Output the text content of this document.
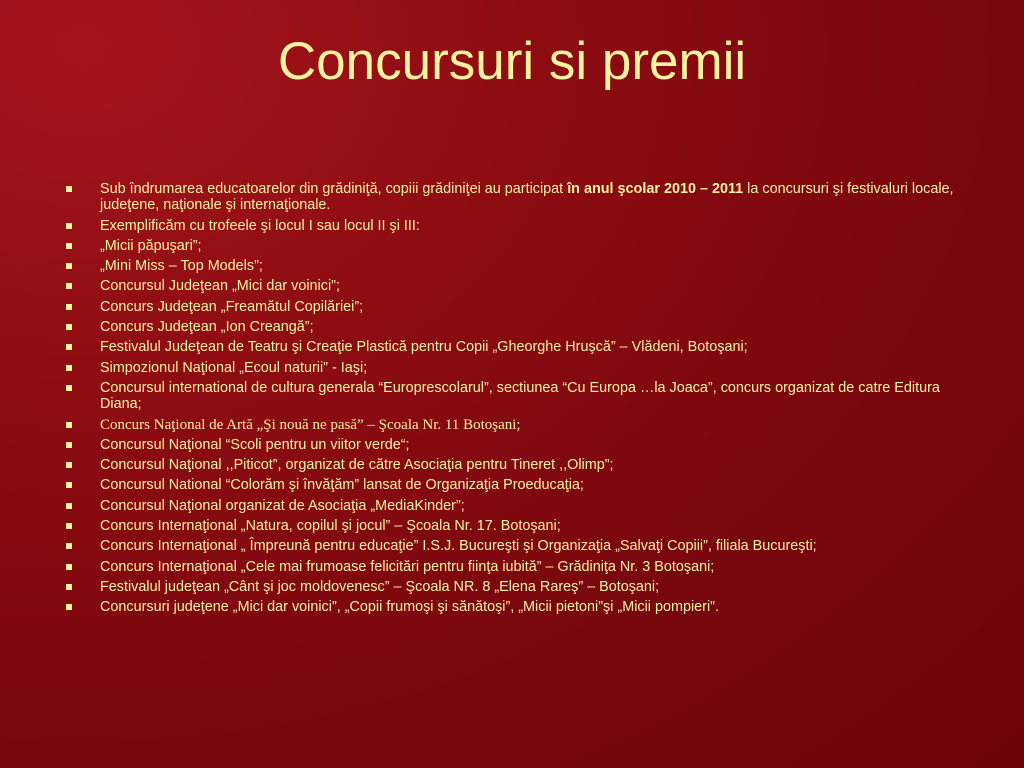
Concursuri si premii
Sub îndrumarea educatoarelor din grădiniţă, copiii grădiniţei au participat în anul şcolar 2010 – 2011 la concursuri şi festivaluri locale, judeţene, naţionale şi internaţionale.
Exemplificăm cu trofeele şi locul I sau locul II şi III:
„Micii păpuşari”;
„Mini Miss – Top Models”;
Concursul Judeţean „Mici dar voinici”;
Concurs Judeţean „Freamătul Copilăriei”;
Concurs Judeţean „Ion Creangă”;
Festivalul Judeţean de Teatru şi Creaţie Plastică pentru Copii „Gheorghe Hruşcă” – Vlădeni, Botoşani;
Simpozionul Naţional „Ecoul naturii” - Iaşi;
Concursul international de cultura generala “Europrescolarul”, sectiunea “Cu Europa …la Joaca”, concurs organizat de catre Editura Diana;
Concurs Naţional de Artă „Şi nouă ne pasă” – Şcoala Nr. 11 Botoşani;
Concursul Naţional “Scoli pentru un viitor verde“;
Concursul Naţional ,,Piticot”, organizat de către Asociaţia pentru Tineret ,,Olimp”;
Concursul National “Colorăm şi învăţăm” lansat de Organizaţia Proeducaţia;
Concursul Naţional organizat de Asociaţia „MediaKinder”;
Concurs Internaţional „Natura, copilul şi jocul” – Şcoala Nr. 17. Botoşani;
Concurs Internaţional „ Împreună pentru educaţie” I.S.J. Bucureşti şi Organizaţia „Salvaţi Copiii”, filiala Bucureşti;
Concurs Internaţional „Cele mai frumoase felicitări pentru fiinţa iubită” – Grădiniţa Nr. 3 Botoşani;
Festivalul judeţean „Cânt şi joc moldovenesc” – Şcoala NR. 8 „Elena Rareş” – Botoşani;
Concursuri judeţene „Mici dar voinici”, „Copii frumoşi şi sănătoşi”, „Micii pietoni”şi „Micii pompieri”.
